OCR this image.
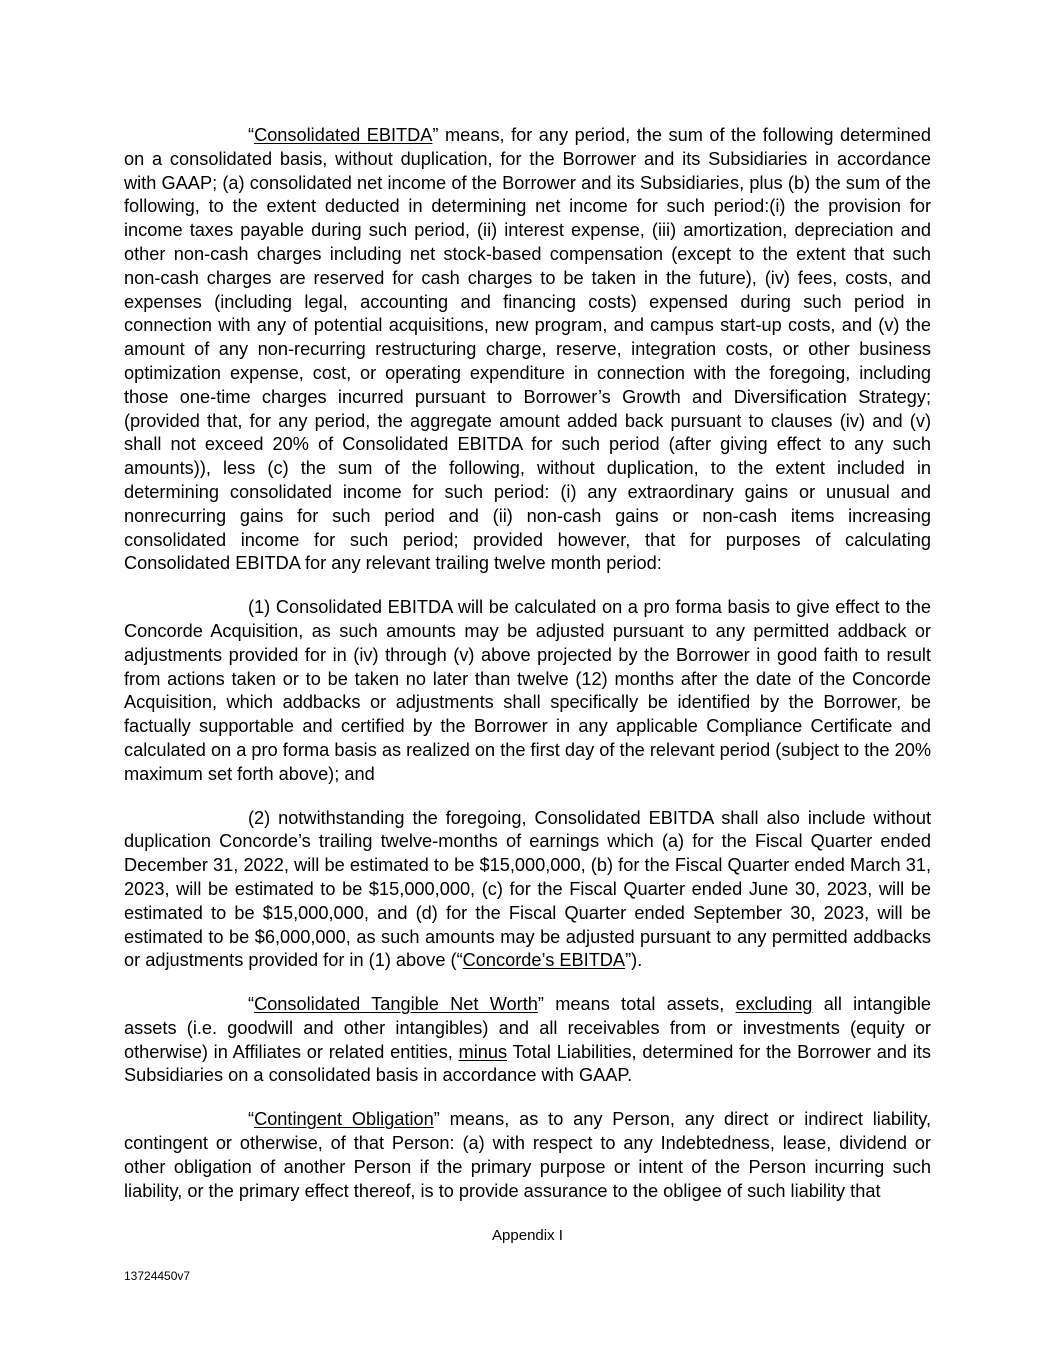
“Consolidated EBITDA” means, for any period, the sum of the following determined on a consolidated basis, without duplication, for the Borrower and its Subsidiaries in accordance with GAAP; (a) consolidated net income of the Borrower and its Subsidiaries, plus (b) the sum of the following, to the extent deducted in determining net income for such period:(i) the provision for income taxes payable during such period, (ii) interest expense, (iii) amortization, depreciation and other non-cash charges including net stock-based compensation (except to the extent that such non-cash charges are reserved for cash charges to be taken in the future), (iv) fees, costs, and expenses (including legal, accounting and financing costs) expensed during such period in connection with any of potential acquisitions, new program, and campus start-up costs, and (v) the amount of any non-recurring restructuring charge, reserve, integration costs, or other business optimization expense, cost, or operating expenditure in connection with the foregoing, including those one-time charges incurred pursuant to Borrower’s Growth and Diversification Strategy; (provided that, for any period, the aggregate amount added back pursuant to clauses (iv) and (v) shall not exceed 20% of Consolidated EBITDA for such period (after giving effect to any such amounts)), less (c) the sum of the following, without duplication, to the extent included in determining consolidated income for such period: (i) any extraordinary gains or unusual and nonrecurring gains for such period and (ii) non-cash gains or non-cash items increasing consolidated income for such period; provided however, that for purposes of calculating Consolidated EBITDA for any relevant trailing twelve month period:

(1) Consolidated EBITDA will be calculated on a pro forma basis to give effect to the Concorde Acquisition, as such amounts may be adjusted pursuant to any permitted addback or adjustments provided for in (iv) through (v) above projected by the Borrower in good faith to result from actions taken or to be taken no later than twelve (12) months after the date of the Concorde Acquisition, which addbacks or adjustments shall specifically be identified by the Borrower, be factually supportable and certified by the Borrower in any applicable Compliance Certificate and calculated on a pro forma basis as realized on the first day of the relevant period (subject to the 20% maximum set forth above); and

(2) notwithstanding the foregoing, Consolidated EBITDA shall also include without duplication Concorde’s trailing twelve-months of earnings which (a) for the Fiscal Quarter ended December 31, 2022, will be estimated to be $15,000,000, (b) for the Fiscal Quarter ended March 31, 2023, will be estimated to be $15,000,000, (c) for the Fiscal Quarter ended June 30, 2023, will be estimated to be $15,000,000, and (d) for the Fiscal Quarter ended September 30, 2023, will be estimated to be $6,000,000, as such amounts may be adjusted pursuant to any permitted addbacks or adjustments provided for in (1) above (“Concorde’s EBITDA”).

“Consolidated Tangible Net Worth” means total assets, excluding all intangible assets (i.e. goodwill and other intangibles) and all receivables from or investments (equity or otherwise) in Affiliates or related entities, minus Total Liabilities, determined for the Borrower and its Subsidiaries on a consolidated basis in accordance with GAAP.

“Contingent Obligation” means, as to any Person, any direct or indirect liability, contingent or otherwise, of that Person: (a) with respect to any Indebtedness, lease, dividend or other obligation of another Person if the primary purpose or intent of the Person incurring such liability, or the primary effect thereof, is to provide assurance to the obligee of such liability that

Appendix I
13724450v7
